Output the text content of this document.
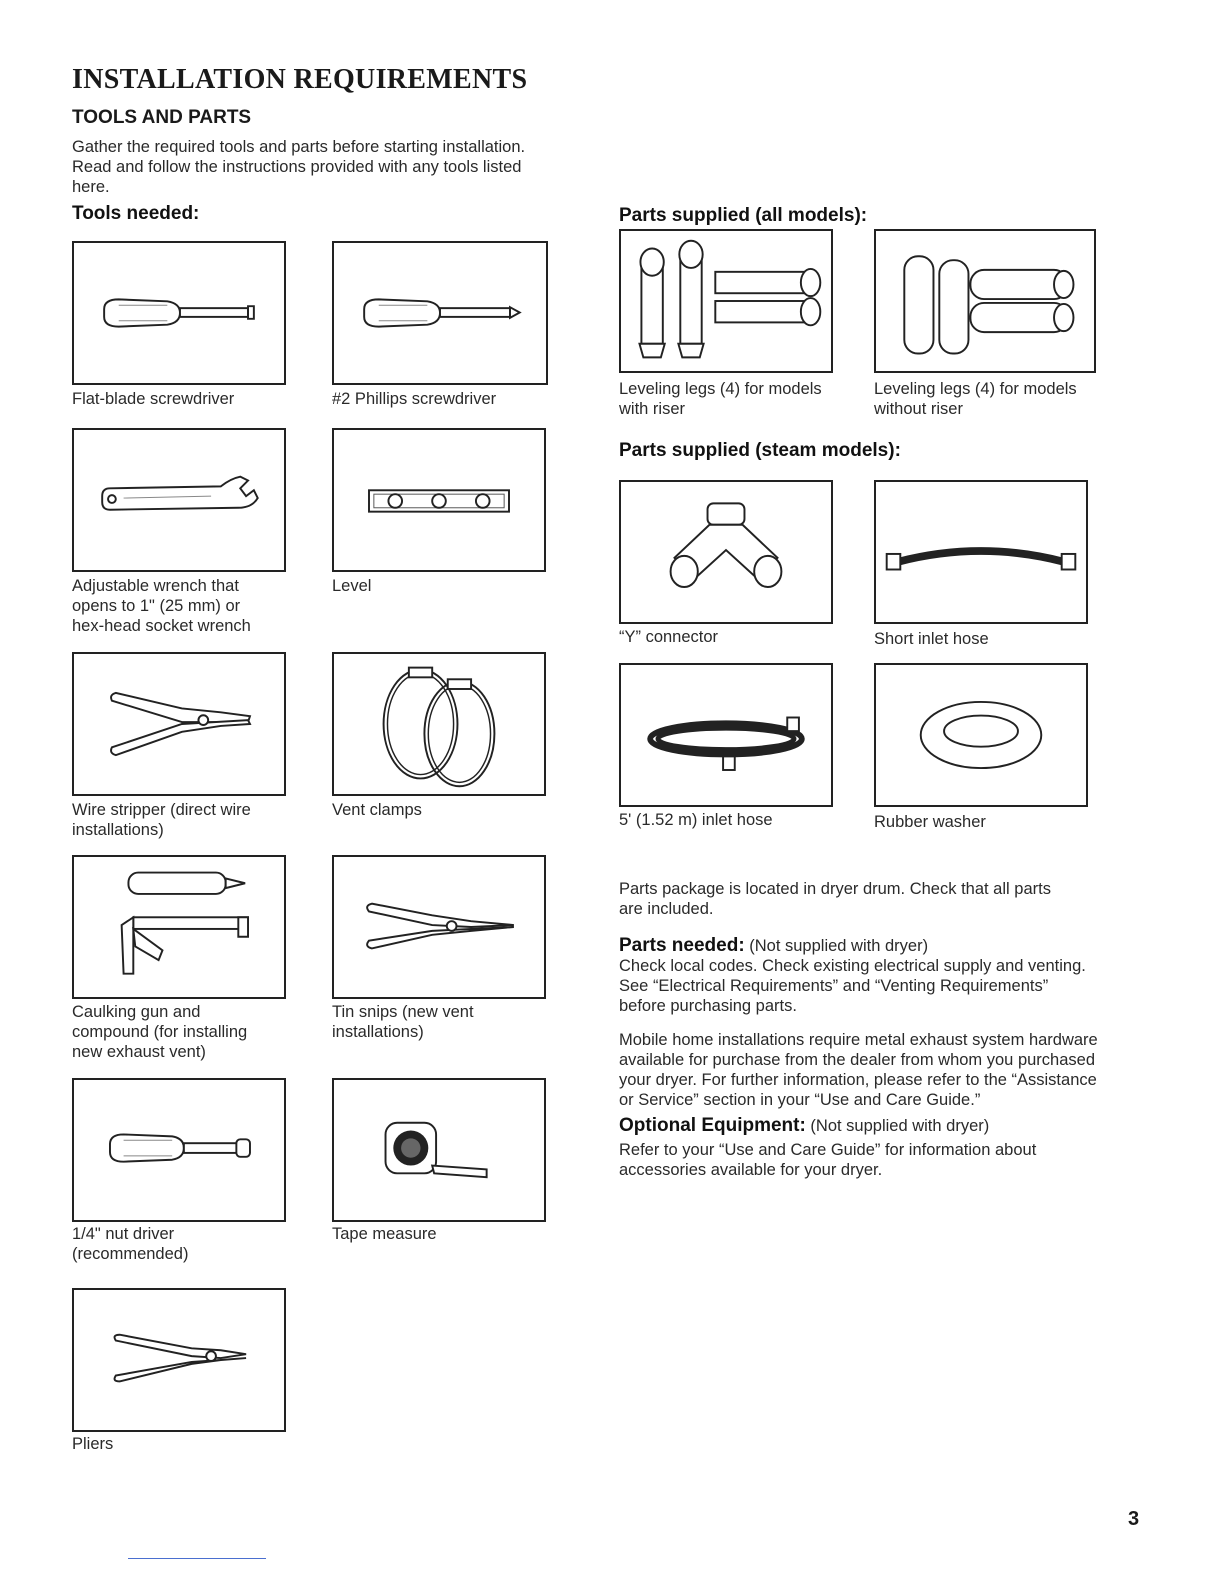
INSTALLATION REQUIREMENTS
TOOLS AND PARTS
Gather the required tools and parts before starting installation.
Read and follow the instructions provided with any tools listed
here.
Tools needed:
Flat-blade screwdriver	#2 Phillips screwdriver
Adjustable wrench that
opens to 1" (25 mm) or
hex-head socket wrench
Level
Wire stripper (direct wire
installations)
Vent clamps
Caulking gun and
compound (for installing
new exhaust vent)
Tin snips (new vent
installations)
1/4" nut driver
(recommended)
Tape measure
Pliers
Parts supplied (all models):
Leveling legs (4) for models
with riser
Leveling legs (4) for models
without riser
Parts supplied (steam models):
“Y” connector	Short inlet hose
5' (1.52 m) inlet hose	Rubber washer
Parts package is located in dryer drum. Check that all parts
are included.

Parts needed: (Not supplied with dryer)

Check local codes. Check existing electrical supply and venting.
See “Electrical Requirements” and “Venting Requirements”
before purchasing parts.

Mobile home installations require metal exhaust system hardware
available for purchase from the dealer from whom you purchased
your dryer. For further information, please refer to the “Assistance
or Service” section in your “Use and Care Guide.”

Optional Equipment: (Not supplied with dryer)

Refer to your “Use and Care Guide” for information about
accessories available for your dryer.

3
